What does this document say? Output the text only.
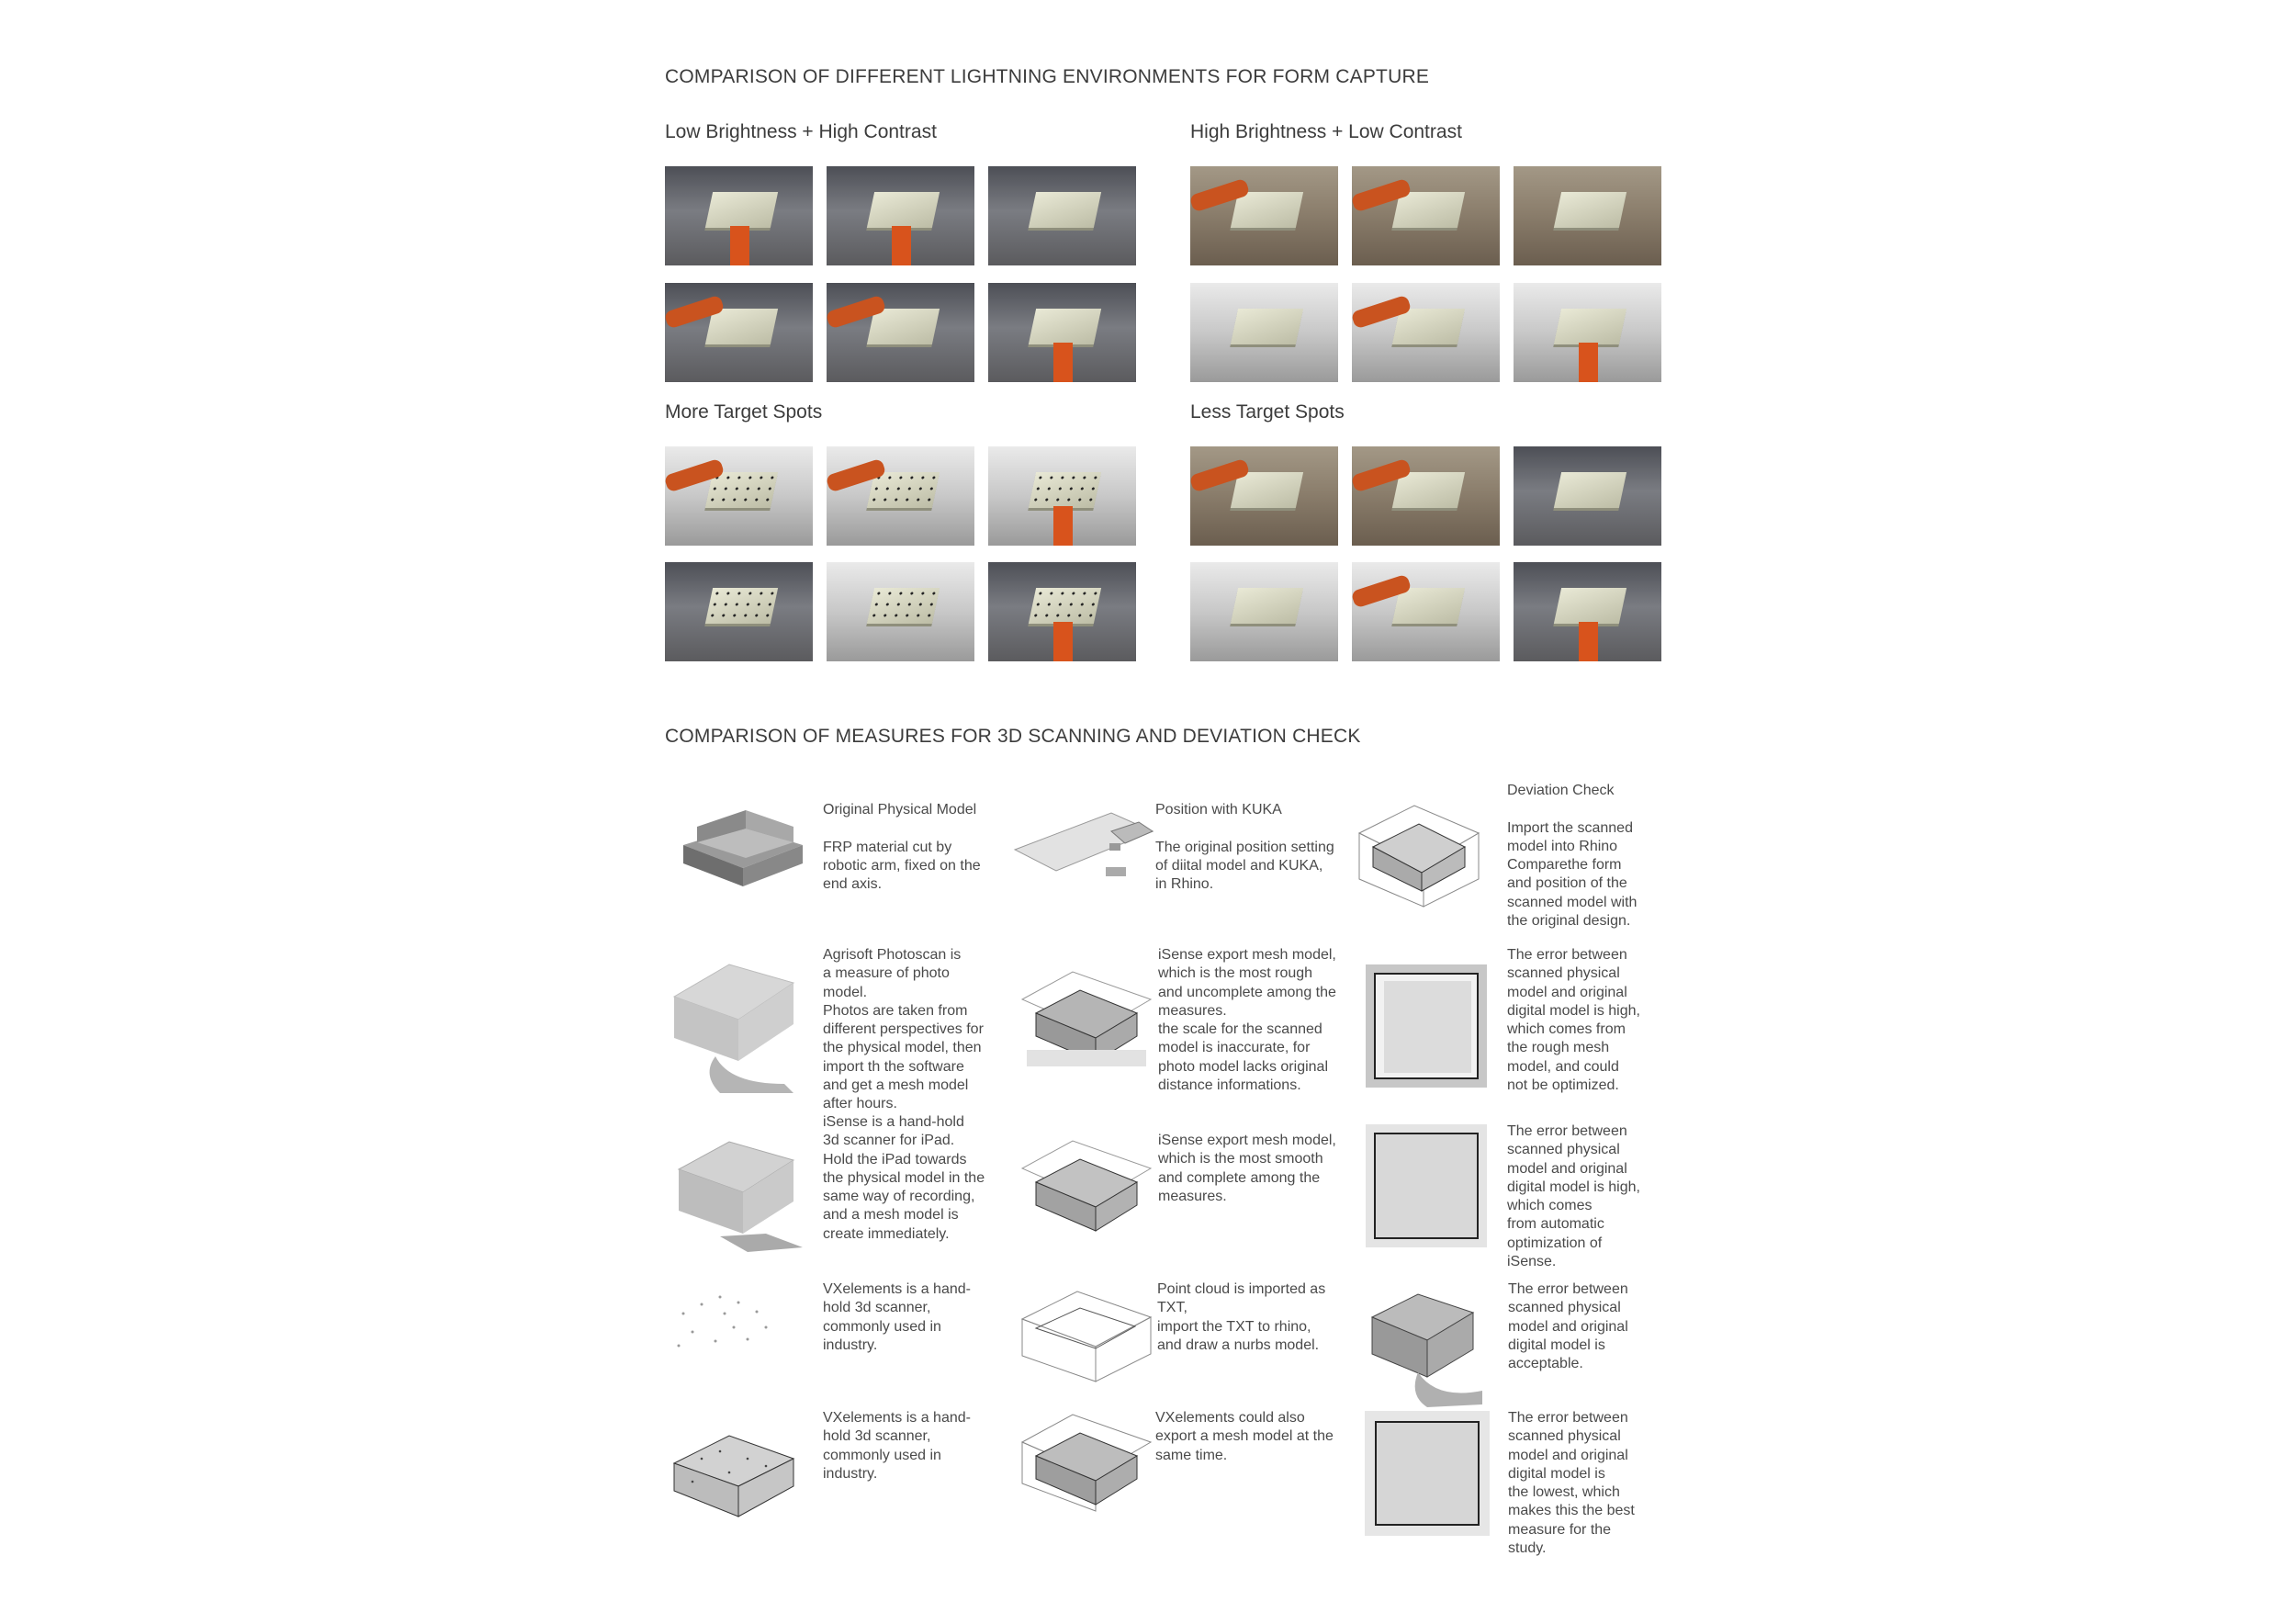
COMPARISON OF DIFFERENT LIGHTNING ENVIRONMENTS FOR FORM CAPTURE
Low Brightness + High Contrast	High Brightness + Low Contrast
More Target Spots	Less Target Spots
COMPARISON OF MEASURES FOR 3D SCANNING AND DEVIATION CHECK
Original Physical Model

FRP material cut by
robotic arm, fixed on the
end axis.
Position with KUKA

The original position setting
of diital model and KUKA,
in Rhino.
Deviation Check

Import the scanned
model into Rhino
Comparethe form
and position of the
scanned model with
the original design.
Agrisoft Photoscan is
a measure of photo
model.
Photos are taken from
different perspectives for
the physical model, then
import th the software
and get a mesh model
after hours.
iSense export mesh model,
which is the most rough
and uncomplete among the
measures.
the scale for the scanned
model is inaccurate, for
photo model lacks original
distance informations.
The error between
scanned physical
model and original
digital model is high,
which comes from
the rough mesh
model, and could
not be optimized.
iSense is a hand-hold
3d scanner for iPad.
Hold the iPad towards
the physical model in the
same way of recording,
and a mesh model is
create immediately.
iSense export mesh model,
which is the most smooth
and complete among the
measures.
The error between
scanned physical
model and original
digital model is high,
which comes
from automatic
optimization of
iSense.
VXelements is a hand-
hold 3d scanner,
commonly used in
industry.
Point cloud is imported as
TXT,
import the TXT to rhino,
and draw a nurbs model.
The error between
scanned physical
model and original
digital model is
acceptable.
VXelements is a hand-
hold 3d scanner,
commonly used in
industry.
VXelements could also
export a mesh model at the
same time.
The error between
scanned physical
model and original
digital model is
the lowest, which
makes this the best
measure for the
study.
